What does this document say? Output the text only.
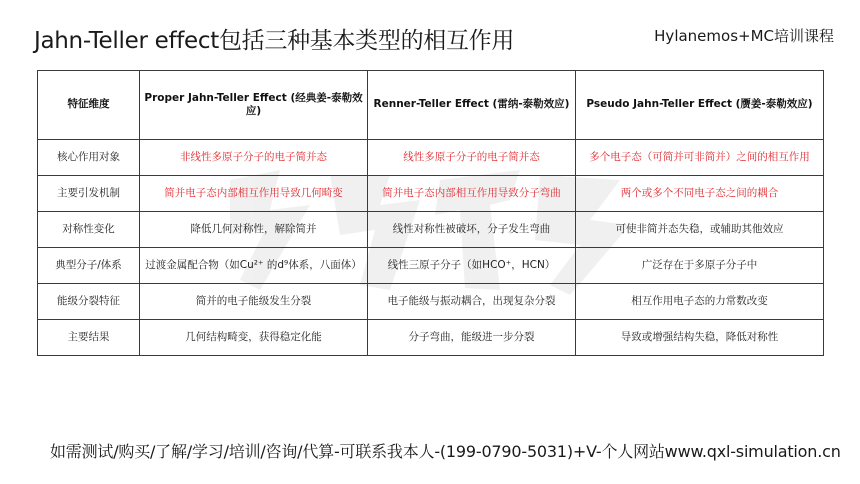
Jahn-Teller effect包括三种基本类型的相互作用	Hylanemos+MC培训课程
特征维度	Proper Jahn-Teller Effect (经典姜-泰勒效应)	Renner-Teller Effect (雷纳-泰勒效应)	Pseudo Jahn-Teller Effect (赝姜-泰勒效应)
核心作用对象	非线性多原子分子的电子简并态	线性多原子分子的电子简并态	多个电子态（可简并可非简并）之间的相互作用
主要引发机制	简并电子态内部相互作用导致几何畸变	简并电子态内部相互作用导致分子弯曲	两个或多个不同电子态之间的耦合
对称性变化	降低几何对称性，解除简并	线性对称性被破坏，分子发生弯曲	可使非简并态失稳，或辅助其他效应
典型分子/体系	过渡金属配合物（如Cu²⁺ 的d⁹体系，八面体）	线性三原子分子（如HCO⁺，HCN）	广泛存在于多原子分子中
能级分裂特征	简并的电子能级发生分裂	电子能级与振动耦合，出现复杂分裂	相互作用电子态的力常数改变
主要结果	几何结构畸变，获得稳定化能	分子弯曲，能级进一步分裂	导致或增强结构失稳，降低对称性
如需测试/购买/了解/学习/培训/咨询/代算-可联系我本人-(199-0790-5031)+V-个人网站www.qxl-simulation.cn
